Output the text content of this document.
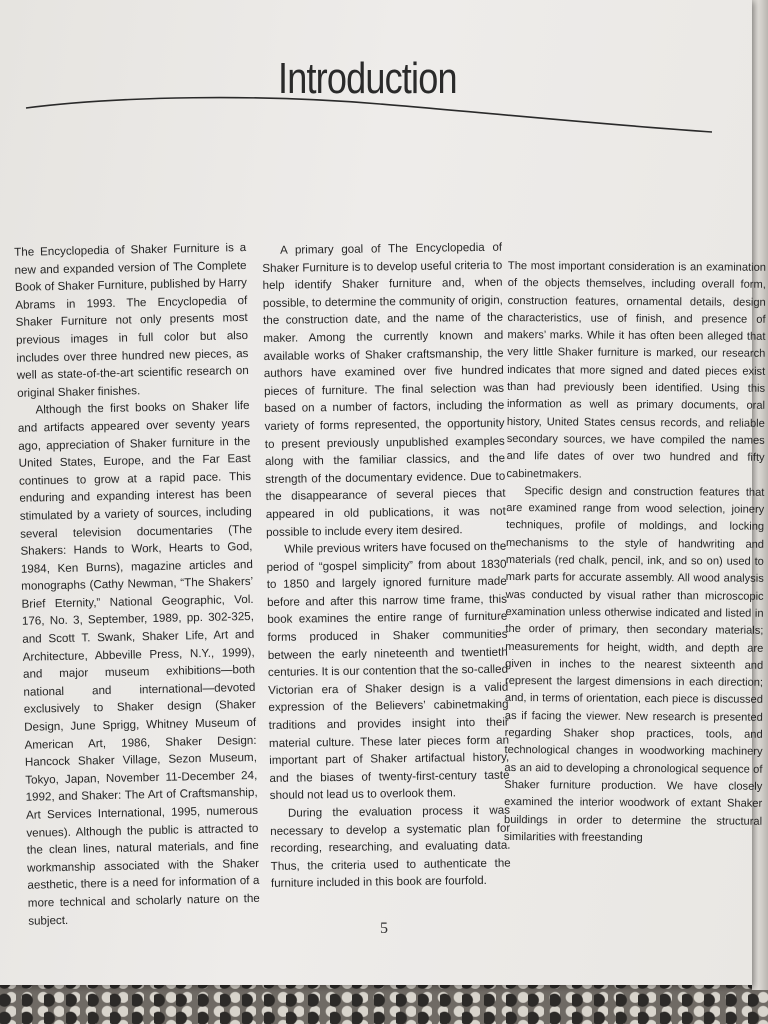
Introduction

The Encyclopedia of Shaker Furniture is a new and expanded version of The Complete Book of Shaker Furniture, published by Harry Abrams in 1993. The Encyclopedia of Shaker Furniture not only presents most previous images in full color but also includes over three hundred new pieces, as well as state-of-the-art scientific research on original Shaker finishes.

Although the first books on Shaker life and artifacts appeared over seventy years ago, appreciation of Shaker furniture in the United States, Europe, and the Far East continues to grow at a rapid pace. This enduring and expanding interest has been stimulated by a variety of sources, including several television documentaries (The Shakers: Hands to Work, Hearts to God, 1984, Ken Burns), magazine articles and monographs (Cathy Newman, “The Shakers’ Brief Eternity,” National Geographic, Vol. 176, No. 3, September, 1989, pp. 302-325, and Scott T. Swank, Shaker Life, Art and Architecture, Abbeville Press, N.Y., 1999), and major museum exhibitions—both national and international—devoted exclusively to Shaker design (Shaker Design, June Sprigg, Whitney Museum of American Art, 1986, Shaker Design: Hancock Shaker Village, Sezon Museum, Tokyo, Japan, November 11-December 24, 1992, and Shaker: The Art of Craftsmanship, Art Services International, 1995, numerous venues). Although the public is attracted to the clean lines, natural materials, and fine workmanship associated with the Shaker aesthetic, there is a need for information of a more technical and scholarly nature on the subject.

A primary goal of The Encyclopedia of Shaker Furniture is to develop useful criteria to help identify Shaker furniture and, when possible, to determine the community of origin, the construction date, and the name of the maker. Among the currently known and available works of Shaker craftsmanship, the authors have examined over five hundred pieces of furniture. The final selection was based on a number of factors, including the variety of forms represented, the opportunity to present previously unpublished examples along with the familiar classics, and the strength of the documentary evidence. Due to the disappearance of several pieces that appeared in old publications, it was not possible to include every item desired.

While previous writers have focused on the period of “gospel simplicity” from about 1830 to 1850 and largely ignored furniture made before and after this narrow time frame, this book examines the entire range of furniture forms produced in Shaker communities between the early nineteenth and twentieth centuries. It is our contention that the so-called Victorian era of Shaker design is a valid expression of the Believers’ cabinetmaking traditions and provides insight into their material culture. These later pieces form an important part of Shaker artifactual history, and the biases of twenty-first-century taste should not lead us to overlook them.

During the evaluation process it was necessary to develop a systematic plan for recording, researching, and evaluating data. Thus, the criteria used to authenticate the furniture included in this book are fourfold.

The most important consideration is an examination of the objects themselves, including overall form, construction features, ornamental details, design characteristics, use of finish, and presence of makers’ marks. While it has often been alleged that very little Shaker furniture is marked, our research indicates that more signed and dated pieces exist than had previously been identified. Using this information as well as primary documents, oral history, United States census records, and reliable secondary sources, we have compiled the names and life dates of over two hundred and fifty cabinetmakers.

Specific design and construction features that are examined range from wood selection, joinery techniques, profile of moldings, and locking mechanisms to the style of handwriting and materials (red chalk, pencil, ink, and so on) used to mark parts for accurate assembly. All wood analysis was conducted by visual rather than microscopic examination unless otherwise indicated and listed in the order of primary, then secondary materials; measurements for height, width, and depth are given in inches to the nearest sixteenth and represent the largest dimensions in each direction; and, in terms of orientation, each piece is discussed as if facing the viewer. New research is presented regarding Shaker shop practices, tools, and technological changes in woodworking machinery as an aid to developing a chronological sequence of Shaker furniture production. We have closely examined the interior woodwork of extant Shaker buildings in order to determine the structural similarities with freestanding

5
